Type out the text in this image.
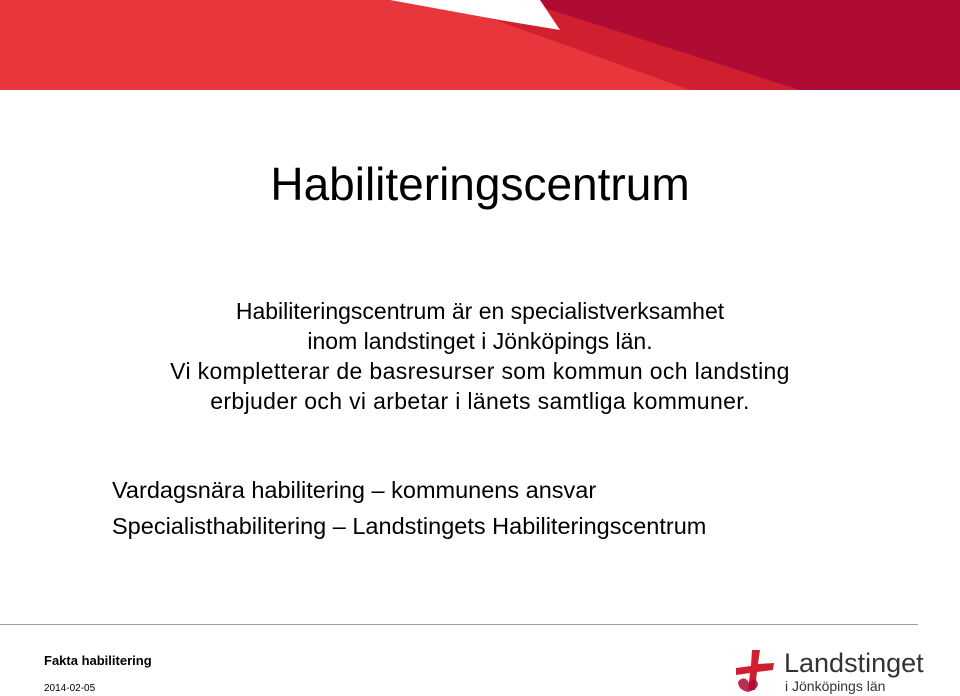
Habiliteringscentrum
Habiliteringscentrum är en specialistverksamhet
inom landstinget i Jönköpings län.
Vi kompletterar de basresurser som kommun och landsting
erbjuder och vi arbetar i länets samtliga kommuner.
Vardagsnära habilitering – kommunens ansvar
Specialisthabilitering – Landstingets Habiliteringscentrum
Fakta habilitering
2014-02-05
Landstinget
i Jönköpings län
